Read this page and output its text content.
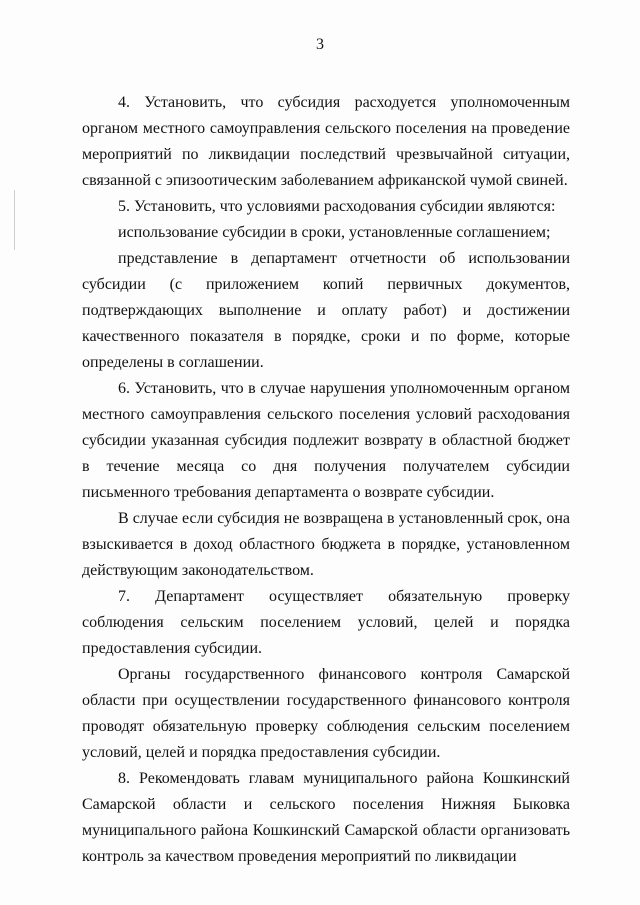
3

4. Установить, что субсидия расходуется уполномоченным органом местного самоуправления сельского поселения на проведение мероприятий по ликвидации последствий чрезвычайной ситуации, связанной с эпизоотическим заболеванием африканской чумой свиней.

5. Установить, что условиями расходования субсидии являются:

использование субсидии в сроки, установленные соглашением;

представление в департамент отчетности об использовании субсидии (с приложением копий первичных документов, подтверждающих выполнение и оплату работ) и достижении качественного показателя в порядке, сроки и по форме, которые определены в соглашении.

6. Установить, что в случае нарушения уполномоченным органом местного самоуправления сельского поселения условий расходования субсидии указанная субсидия подлежит возврату в областной бюджет в течение месяца со дня получения получателем субсидии письменного требования департамента о возврате субсидии.

В случае если субсидия не возвращена в установленный срок, она взыскивается в доход областного бюджета в порядке, установленном действующим законодательством.

7. Департамент осуществляет обязательную проверку соблюдения сельским поселением условий, целей и порядка предоставления субсидии.

Органы государственного финансового контроля Самарской области при осуществлении государственного финансового контроля проводят обязательную проверку соблюдения сельским поселением условий, целей и порядка предоставления субсидии.

8. Рекомендовать главам муниципального района Кошкинский Самарской области и сельского поселения Нижняя Быковка муниципального района Кошкинский Самарской области организовать контроль за качеством проведения мероприятий по ликвидации
